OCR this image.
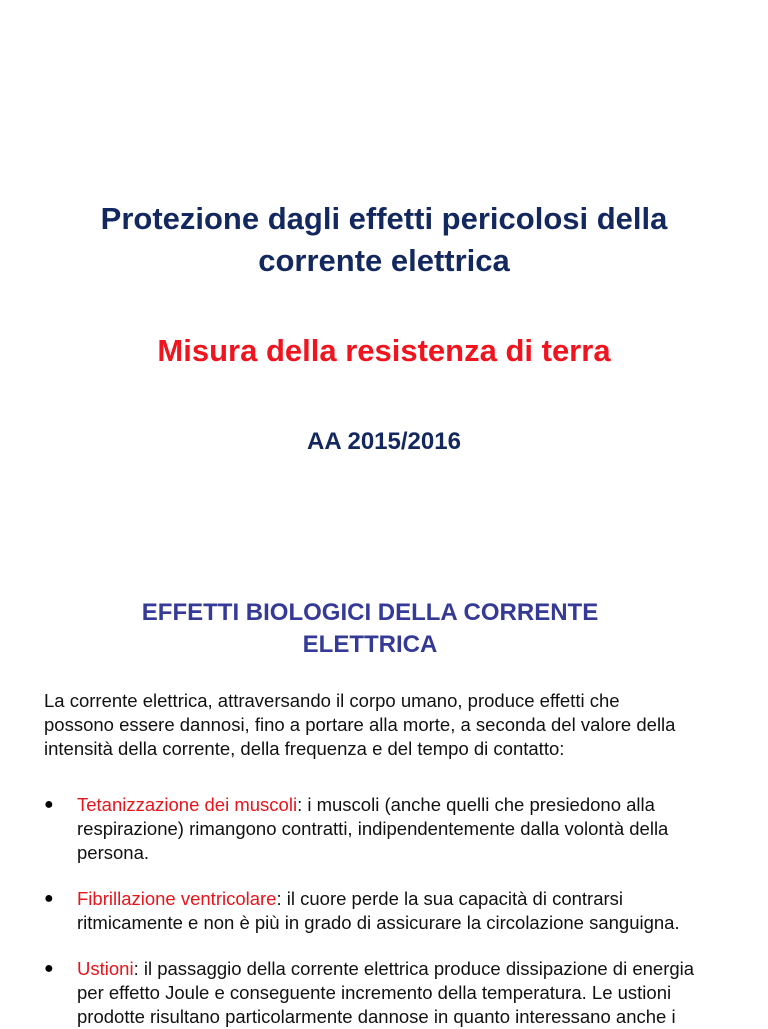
Protezione dagli effetti pericolosi della
corrente elettrica
Misura della resistenza di terra
AA 2015/2016
EFFETTI BIOLOGICI DELLA CORRENTE
ELETTRICA

La corrente elettrica, attraversando il corpo umano, produce effetti che
possono essere dannosi, fino a portare alla morte, a seconda del valore della
intensità della corrente, della frequenza e del tempo di contatto:

● Tetanizzazione dei muscoli: i muscoli (anche quelli che presiedono alla
respirazione) rimangono contratti, indipendentemente dalla volontà della
persona.
● Fibrillazione ventricolare: il cuore perde la sua capacità di contrarsi
ritmicamente e non è più in grado di assicurare la circolazione sanguigna.
● Ustioni: il passaggio della corrente elettrica produce dissipazione di energia
per effetto Joule e conseguente incremento della temperatura. Le ustioni
prodotte risultano particolarmente dannose in quanto interessano anche i
